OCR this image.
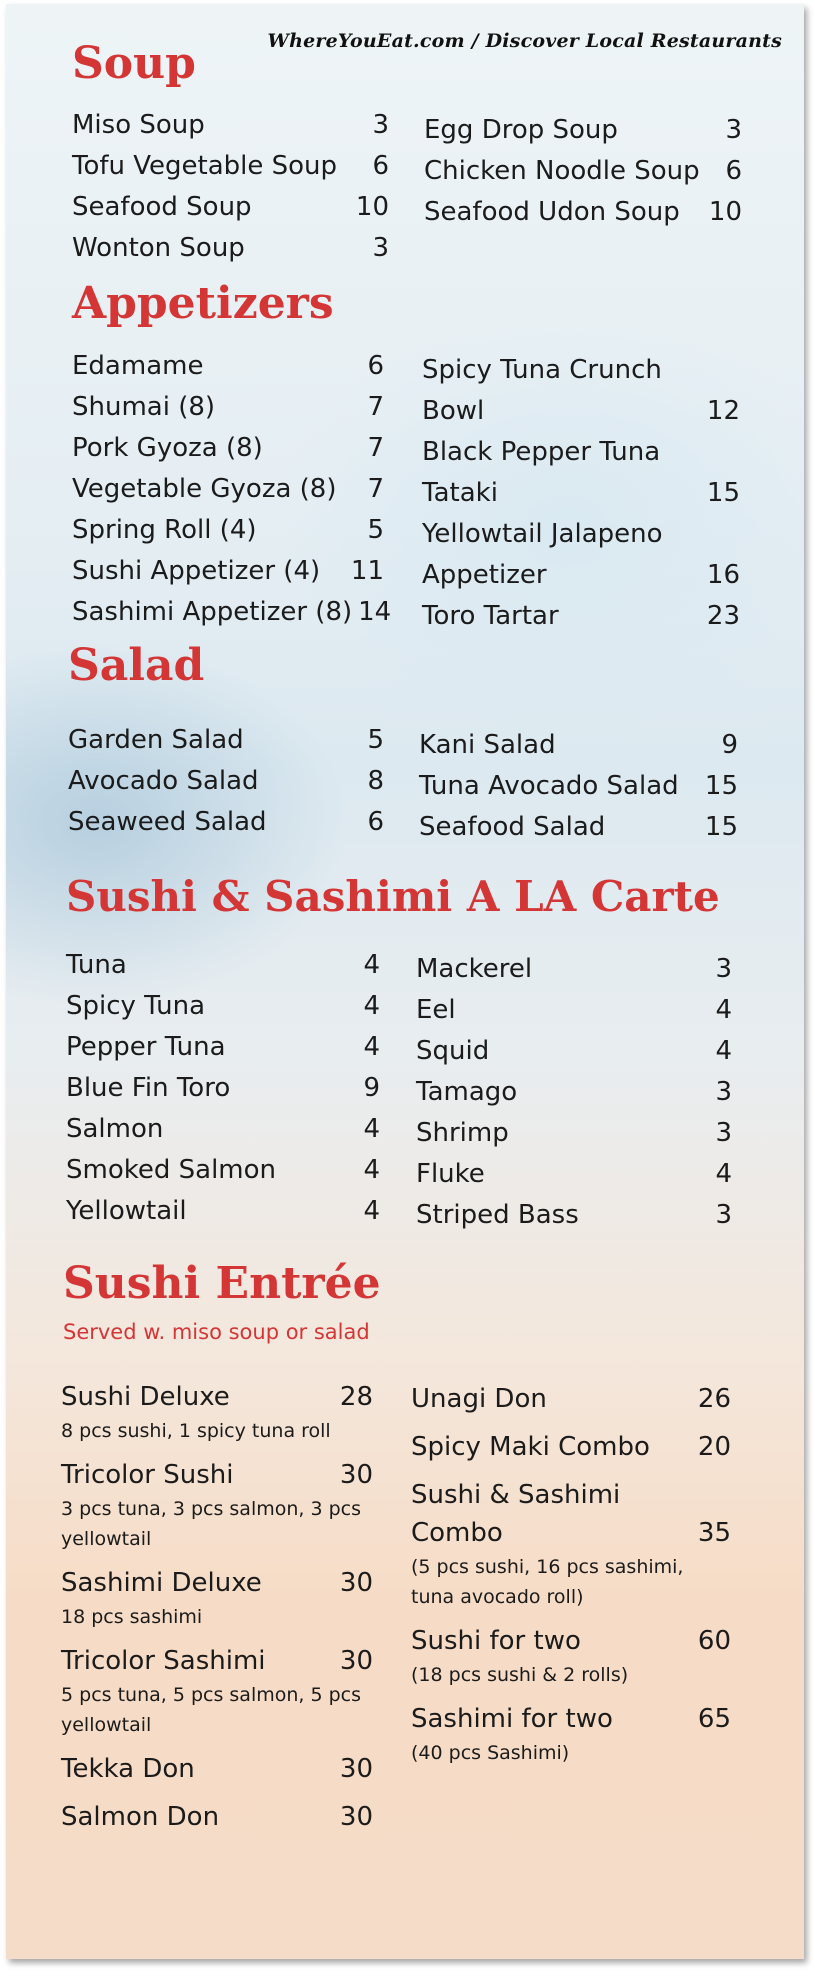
WhereYouEat.com / Discover Local Restaurants
Soup
Miso Soup	3
Tofu Vegetable Soup 6
Seafood Soup	10
Wonton Soup	3
Egg Drop Soup	3
Chicken Noodle Soup 6
Seafood Udon Soup 10
Appetizers
Edamame	6
Shumai (8)	7
Pork Gyoza (8)	7
Vegetable Gyoza (8) 7
Spring Roll (4)	5
Sushi Appetizer (4) 11
Sashimi Appetizer (8) 14
Spicy Tuna Crunch
Bowl	12
Black Pepper Tuna
Tataki	15
Yellowtail Jalapeno
Appetizer	16
Toro Tartar	23
Salad
Garden Salad	5
Avocado Salad	8
Seaweed Salad	6
Kani Salad	9
Tuna Avocado Salad 15
Seafood Salad	15
Sushi & Sashimi A LA Carte
Tuna	4
Spicy Tuna	4
Pepper Tuna	4
Blue Fin Toro	9
Salmon	4
Smoked Salmon	4
Yellowtail	4
Mackerel	3
Eel	4
Squid	4
Tamago	3
Shrimp	3
Fluke	4
Striped Bass	3
Sushi Entrée

Served w. miso soup or salad

Sushi Deluxe	28
8 pcs sushi, 1 spicy tuna roll
Tricolor Sushi	30
3 pcs tuna, 3 pcs salmon, 3 pcs yellowtail
Sashimi Deluxe	30
18 pcs sashimi
Tricolor Sashimi	30
5 pcs tuna, 5 pcs salmon, 5 pcs yellowtail
Tekka Don	30
Salmon Don	30
Unagi Don	26
Spicy Maki Combo 20
Sushi & Sashimi
Combo	35
(5 pcs sushi, 16 pcs sashimi, tuna avocado roll)
Sushi for two	60
(18 pcs sushi & 2 rolls)
Sashimi for two	65
(40 pcs Sashimi)
